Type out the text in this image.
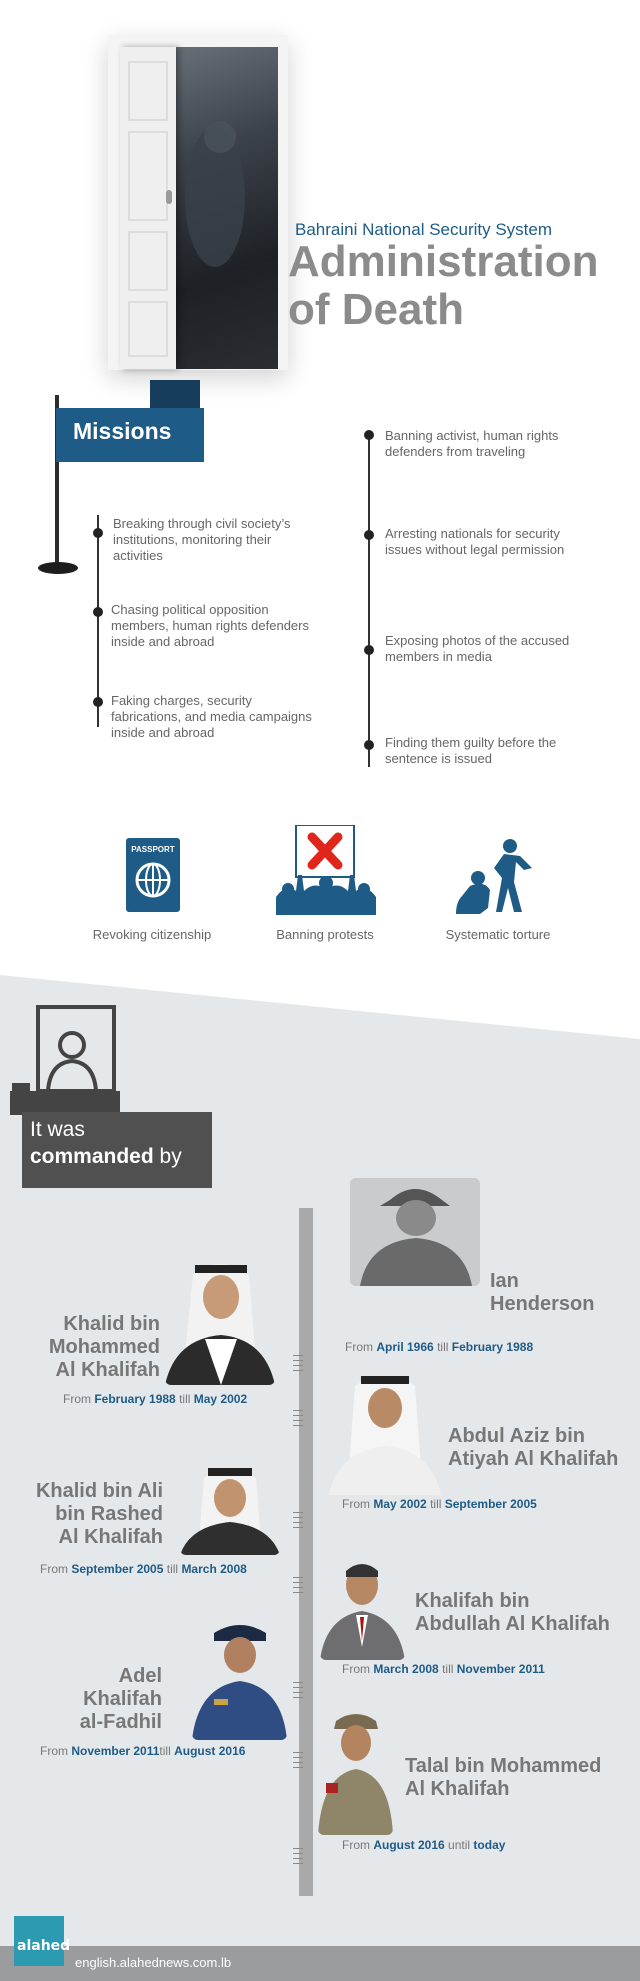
Bahraini National Security System
Administration
of Death
Missions
Breaking through civil society’s institutions, monitoring their activities
Chasing political opposition members, human rights defenders inside and abroad
Faking charges, security fabrications, and media campaigns inside and abroad
Banning activist, human rights defenders from traveling
Arresting nationals for security issues without legal permission
Exposing photos of the accused members in media
Finding them guilty before the sentence is issued
PASSPORT
Revoking citizenship	Banning protests	Systematic torture
It was
commanded by
Ian
Henderson
From April 1966 till February 1988
Khalid bin
Mohammed
Al Khalifah
From February 1988 till May 2002
Abdul Aziz bin
Atiyah Al Khalifah
From May 2002 till September 2005
Khalid bin Ali
bin Rashed
Al Khalifah
From September 2005 till March 2008
Khalifah bin
Abdullah Al Khalifah
From March 2008 till November 2011
Adel
Khalifah
al-Fadhil
From November 2011till August 2016
Talal bin Mohammed
Al Khalifah
From August 2016 until today
alahed
english.alahednews.com.lb
